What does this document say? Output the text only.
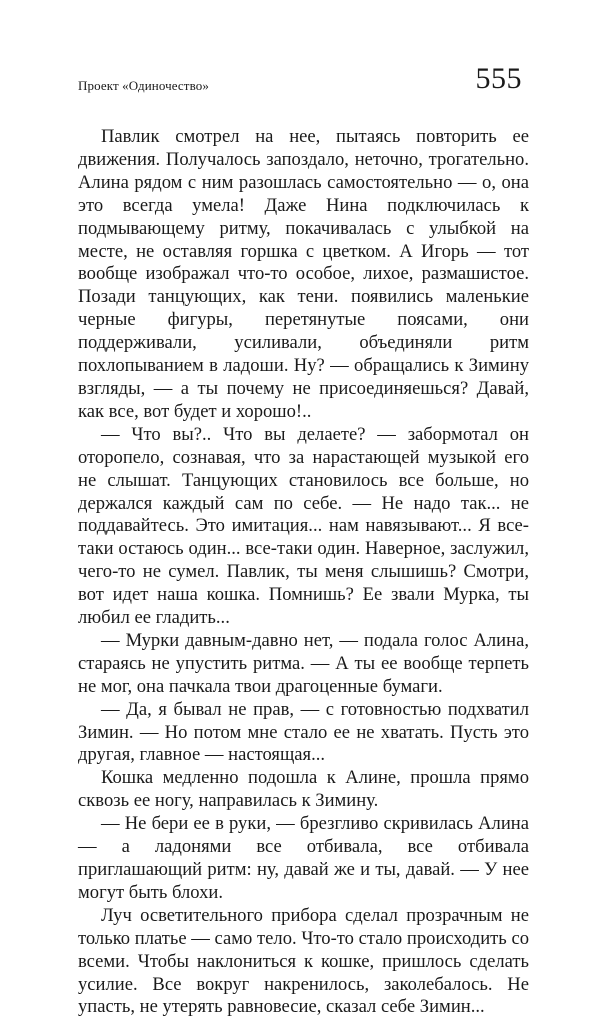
Проект «Одиночество»	555

Павлик смотрел на нее, пытаясь повторить ее движения. Получалось запоздало, неточно, трогательно. Алина рядом с ним разошлась самостоятельно — о, она это всегда умела! Даже Нина подключилась к подмывающему ритму, покачивалась с улыбкой на месте, не оставляя горшка с цветком. А Игорь — тот вообще изображал что-то особое, лихое, размашистое. Позади танцующих, как тени. появились маленькие черные фигуры, перетянутые поясами, они поддерживали, усиливали, объединяли ритм похлопыванием в ладоши. Ну? — обращались к Зимину взгляды, — а ты почему не присоединяешься? Давай, как все, вот будет и хорошо!..

— Что вы?.. Что вы делаете? — забормотал он оторопело, сознавая, что за нарастающей музыкой его не слышат. Танцующих становилось все больше, но держался каждый сам по себе. — Не надо так... не поддавайтесь. Это имитация... нам навязывают... Я все-таки остаюсь один... все-таки один. Наверное, заслужил, чего-то не сумел. Павлик, ты меня слышишь? Смотри, вот идет наша кошка. Помнишь? Ее звали Мурка, ты любил ее гладить...

— Мурки давным-давно нет, — подала голос Алина, стараясь не упустить ритма. — А ты ее вообще терпеть не мог, она пачкала твои драгоценные бумаги.

— Да, я бывал не прав, — с готовностью подхватил Зимин. — Но потом мне стало ее не хватать. Пусть это другая, главное — настоящая...

Кошка медленно подошла к Алине, прошла прямо сквозь ее ногу, направилась к Зимину.

— Не бери ее в руки, — брезгливо скривилась Алина — а ладонями все отбивала, все отбивала приглашающий ритм: ну, давай же и ты, давай. — У нее могут быть блохи.

Луч осветительного прибора сделал прозрачным не только платье — само тело. Что-то стало происходить со всеми. Чтобы наклониться к кошке, пришлось сделать усилие. Все вокруг накренилось, заколебалось. Не упасть, не утерять равновесие, сказал себе Зимин...
